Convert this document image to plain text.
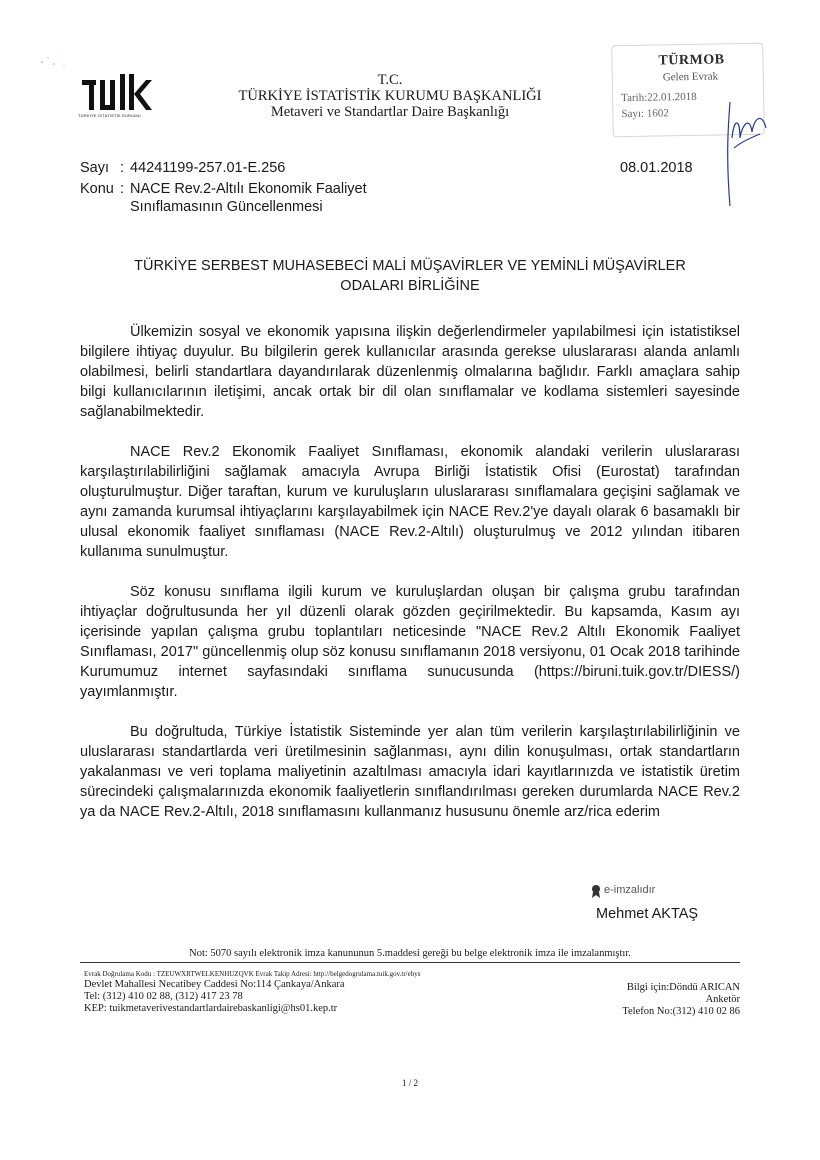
TÜRKİYE İSTATİSTİK KURUMU
T.C.
TÜRKİYE İSTATİSTİK KURUMU BAŞKANLIĞI
Metaveri ve Standartlar Daire Başkanlığı
TÜRMOB
Gelen Evrak
Tarih:22.01.2018
Sayı: 1602
Sayı : 44241199-257.01-E.256	08.01.2018
Konu : NACE Rev.2-Altılı Ekonomik Faaliyet
Sınıflamasının Güncellenmesi
TÜRKİYE SERBEST MUHASEBECİ MALİ MÜŞAVİRLER VE YEMİNLİ MÜŞAVİRLER
ODALARI BİRLİĞİNE

Ülkemizin sosyal ve ekonomik yapısına ilişkin değerlendirmeler yapılabilmesi için istatistiksel bilgilere ihtiyaç duyulur. Bu bilgilerin gerek kullanıcılar arasında gerekse uluslararası alanda anlamlı olabilmesi, belirli standartlara dayandırılarak düzenlenmiş olmalarına bağlıdır. Farklı amaçlara sahip bilgi kullanıcılarının iletişimi, ancak ortak bir dil olan sınıflamalar ve kodlama sistemleri sayesinde sağlanabilmektedir.

NACE Rev.2 Ekonomik Faaliyet Sınıflaması, ekonomik alandaki verilerin uluslararası karşılaştırılabilirliğini sağlamak amacıyla Avrupa Birliği İstatistik Ofisi (Eurostat) tarafından oluşturulmuştur. Diğer taraftan, kurum ve kuruluşların uluslararası sınıflamalara geçişini sağlamak ve aynı zamanda kurumsal ihtiyaçlarını karşılayabilmek için NACE Rev.2'ye dayalı olarak 6 basamaklı bir ulusal ekonomik faaliyet sınıflaması (NACE Rev.2-Altılı) oluşturulmuş ve 2012 yılından itibaren kullanıma sunulmuştur.

Söz konusu sınıflama ilgili kurum ve kuruluşlardan oluşan bir çalışma grubu tarafından ihtiyaçlar doğrultusunda her yıl düzenli olarak gözden geçirilmektedir. Bu kapsamda, Kasım ayı içerisinde yapılan çalışma grubu toplantıları neticesinde "NACE Rev.2 Altılı Ekonomik Faaliyet Sınıflaması, 2017" güncellenmiş olup söz konusu sınıflamanın 2018 versiyonu, 01 Ocak 2018 tarihinde Kurumumuz internet sayfasındaki sınıflama sunucusunda (https://biruni.tuik.gov.tr/DIESS/) yayımlanmıştır.

Bu doğrultuda, Türkiye İstatistik Sisteminde yer alan tüm verilerin karşılaştırılabilirliğinin ve uluslararası standartlarda veri üretilmesinin sağlanması, aynı dilin konuşulması, ortak standartların yakalanması ve veri toplama maliyetinin azaltılması amacıyla idari kayıtlarınızda ve istatistik üretim sürecindeki çalışmalarınızda ekonomik faaliyetlerin sınıflandırılması gereken durumlarda NACE Rev.2 ya da NACE Rev.2-Altılı, 2018 sınıflamasını kullanmanız hususunu önemle arz/rica ederim

e-imzalıdır
Mehmet AKTAŞ
Not: 5070 sayılı elektronik imza kanununun 5.maddesi gereği bu belge elektronik imza ile imzalanmıştır.
Evrak Doğrulama Kodu : TZEUWXRTWELKENHUZQVK Evrak Takip Adresi: http://belgedogrulama.tuik.gov.tr/ebys
Devlet Mahallesi Necatibey Caddesi No:114 Çankaya/Ankara
Tel: (312) 410 02 88, (312) 417 23 78
KEP: tuikmetaverivestandartlardairebaskanligi@hs01.kep.tr
Bilgi için:Döndü ARICAN
Anketör
Telefon No:(312) 410 02 86
1 / 2
